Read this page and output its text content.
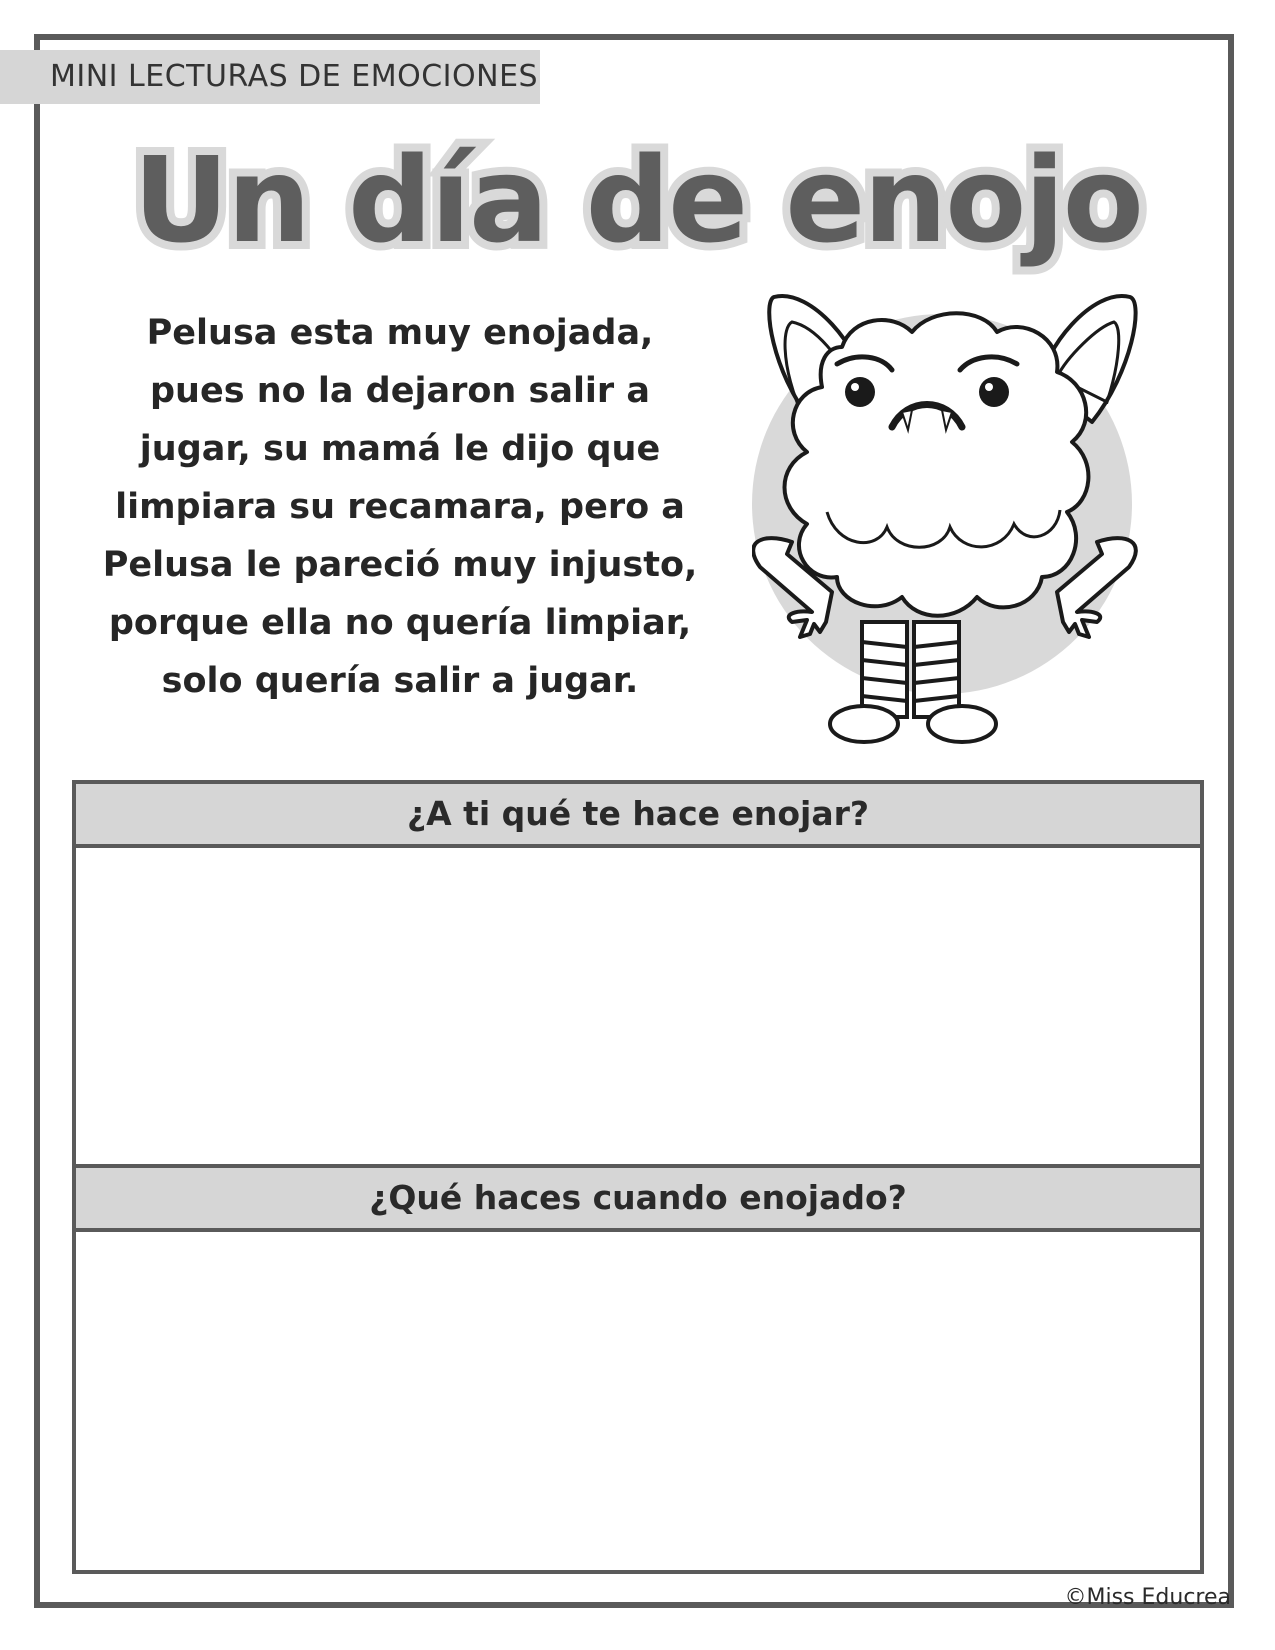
MINI LECTURAS DE EMOCIONES
Un día de enojo

Pelusa esta muy enojada, pues no la dejaron salir a jugar, su mamá le dijo que limpiara su recamara, pero a Pelusa le pareció muy injusto, porque ella no quería limpiar, solo quería salir a jugar.

¿A ti qué te hace enojar?
¿Qué haces cuando enojado?
©Miss Educrea
